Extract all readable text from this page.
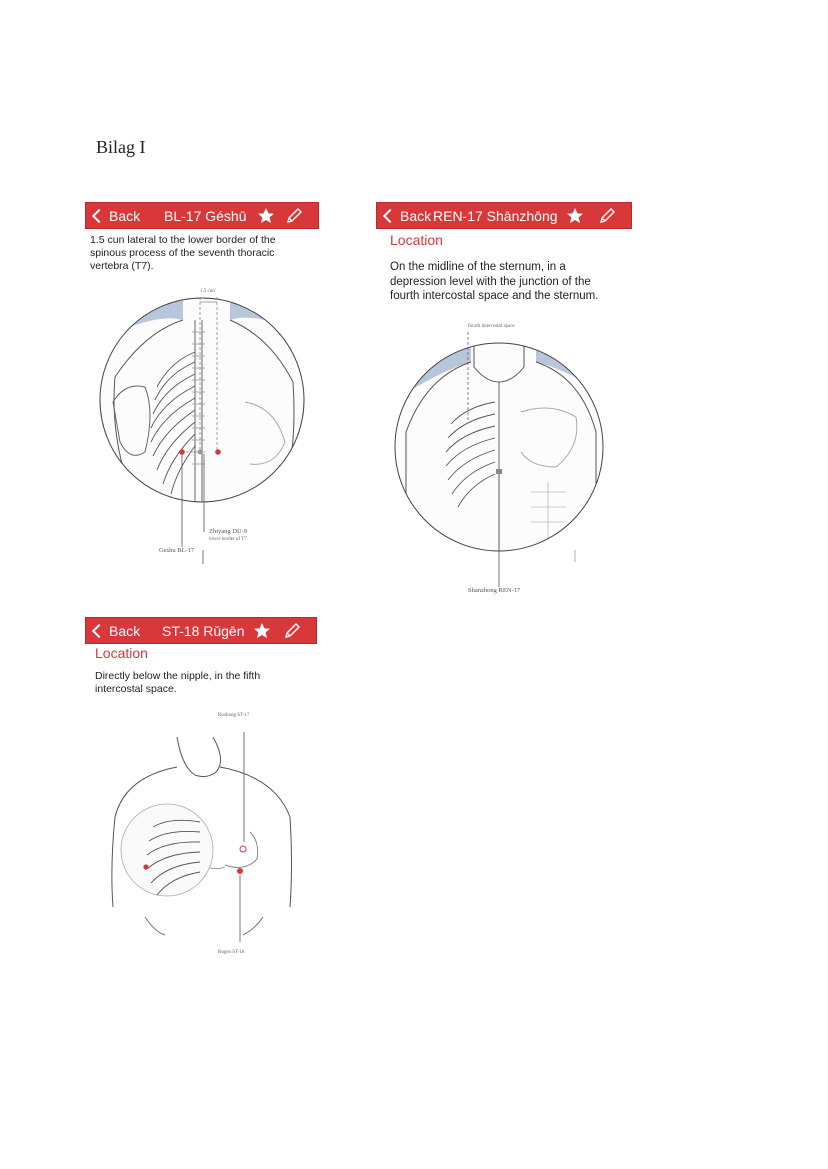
Bilag I
Back BL-17 Géshū
1.5 cun lateral to the lower border of the spinous process of the seventh thoracic vertebra (T7).
1.5 cun
Zhiyang DU-9
lower border of T7
Geshu BL-17
Back REN-17 Shānzhōng
Location
On the midline of the sternum, in a depression level with the junction of the fourth intercostal space and the sternum.
fourth intercostal space
Shanzhong REN-17
Back ST-18 Rǔgēn
Location
Directly below the nipple, in the fifth intercostal space.
Ruzhong ST-17
Rugen ST-18
